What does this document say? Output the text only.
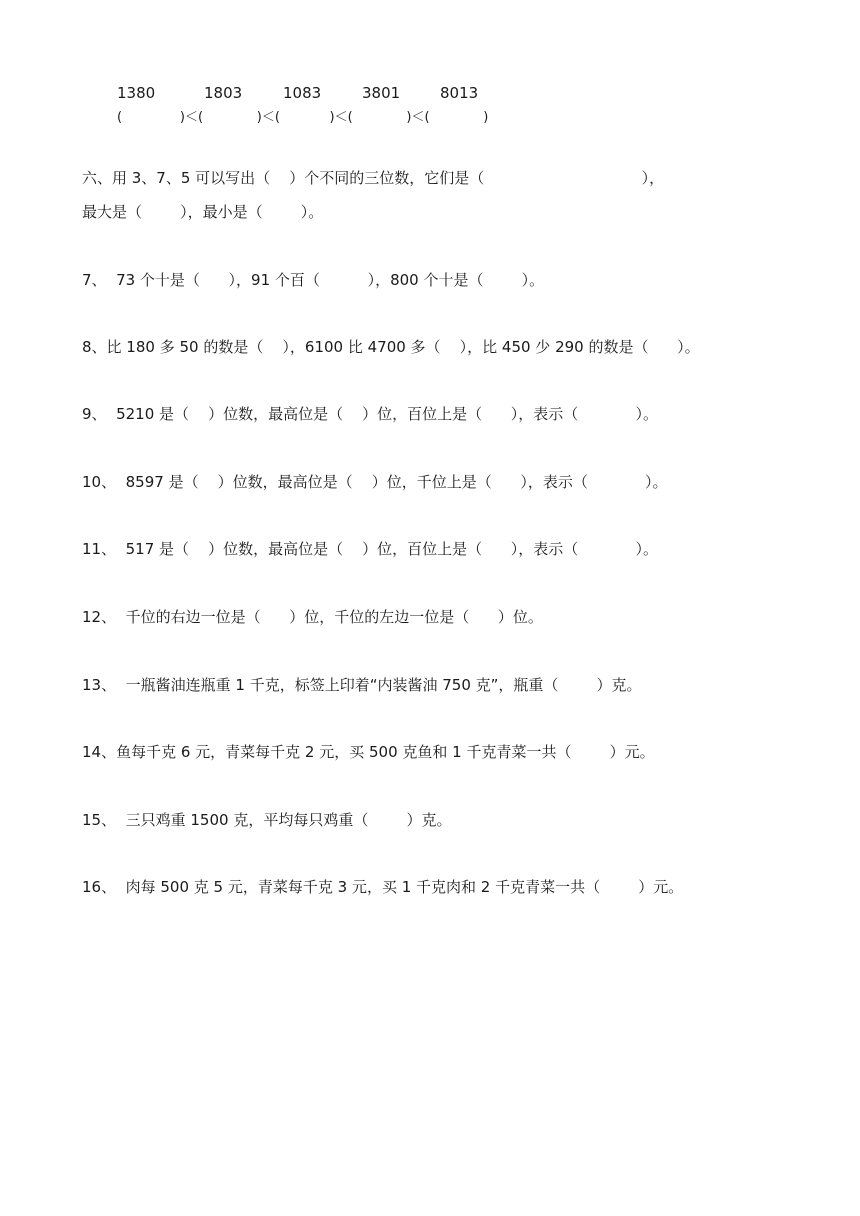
1380	1803	1083	3801	8013
(              )＜(             )＜(            )＜(             )＜(             )
六、用 3、7、5 可以写出（    ）个不同的三位数，它们是（                                 ），
最大是（        ），最小是（        ）。
7、  73 个十是（      ），91 个百（          ），800 个十是（        ）。
8、比 180 多 50 的数是（    ），6100 比 4700 多（    ），比 450 少 290 的数是（      ）。
9、  5210 是（    ）位数，最高位是（    ）位，百位上是（      ），表示（            ）。
10、  8597 是（    ）位数，最高位是（    ）位，千位上是（      ），表示（            ）。
11、  517 是（    ）位数，最高位是（    ）位，百位上是（      ），表示（            ）。
12、  千位的右边一位是（      ）位，千位的左边一位是（      ）位。
13、  一瓶酱油连瓶重 1 千克，标签上印着“内装酱油 750 克”，瓶重（        ）克。
14、鱼每千克 6 元，青菜每千克 2 元，买 500 克鱼和 1 千克青菜一共（        ）元。
15、  三只鸡重 1500 克，平均每只鸡重（        ）克。
16、  肉每 500 克 5 元，青菜每千克 3 元，买 1 千克肉和 2 千克青菜一共（        ）元。
